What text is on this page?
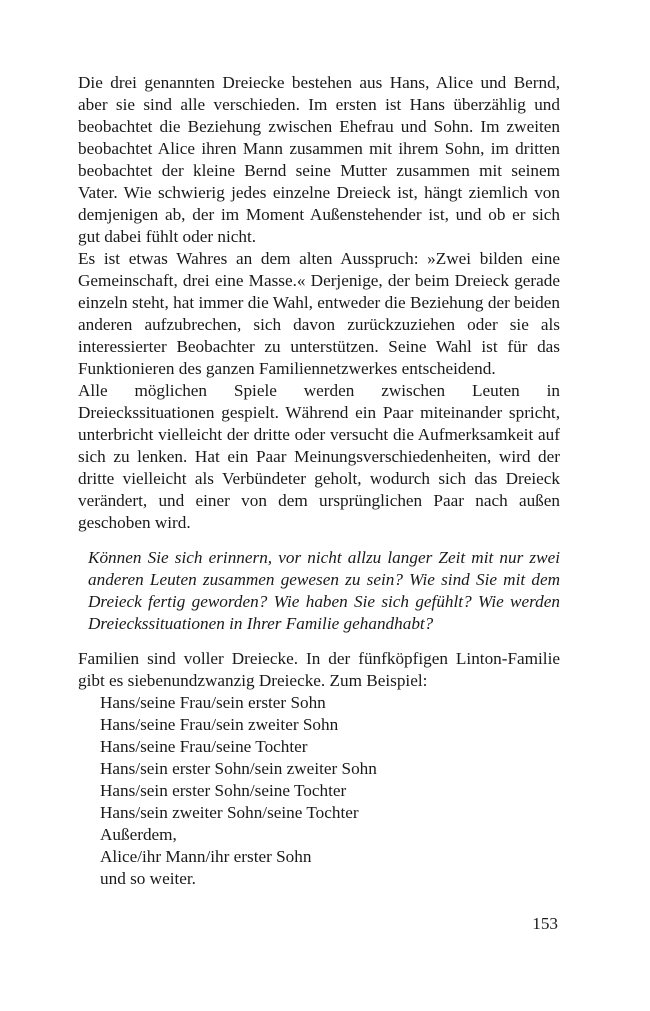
Die drei genannten Dreiecke bestehen aus Hans, Alice und Bernd, aber sie sind alle verschieden. Im ersten ist Hans überzählig und beobachtet die Beziehung zwischen Ehefrau und Sohn. Im zweiten beobachtet Alice ihren Mann zusammen mit ihrem Sohn, im dritten beobachtet der kleine Bernd seine Mutter zusammen mit seinem Vater. Wie schwierig jedes einzelne Dreieck ist, hängt ziemlich von demjenigen ab, der im Moment Außenstehender ist, und ob er sich gut dabei fühlt oder nicht.

Es ist etwas Wahres an dem alten Ausspruch: »Zwei bilden eine Gemeinschaft, drei eine Masse.« Derjenige, der beim Dreieck gerade einzeln steht, hat immer die Wahl, entweder die Beziehung der beiden anderen aufzubrechen, sich davon zurückzuziehen oder sie als interessierter Beobachter zu unterstützen. Seine Wahl ist für das Funktionieren des ganzen Familiennetzwerkes entscheidend.

Alle möglichen Spiele werden zwischen Leuten in Dreieckssituationen gespielt. Während ein Paar miteinander spricht, unterbricht vielleicht der dritte oder versucht die Aufmerksamkeit auf sich zu lenken. Hat ein Paar Meinungsverschiedenheiten, wird der dritte vielleicht als Verbündeter geholt, wodurch sich das Dreieck verändert, und einer von dem ursprünglichen Paar nach außen geschoben wird.

Können Sie sich erinnern, vor nicht allzu langer Zeit mit nur zwei anderen Leuten zusammen gewesen zu sein? Wie sind Sie mit dem Dreieck fertig geworden? Wie haben Sie sich gefühlt? Wie werden Dreieckssituationen in Ihrer Familie gehandhabt?

Familien sind voller Dreiecke. In der fünfköpfigen Linton-Familie gibt es siebenundzwanzig Dreiecke. Zum Beispiel:

Hans/seine Frau/sein erster Sohn
Hans/seine Frau/sein zweiter Sohn
Hans/seine Frau/seine Tochter
Hans/sein erster Sohn/sein zweiter Sohn
Hans/sein erster Sohn/seine Tochter
Hans/sein zweiter Sohn/seine Tochter
Außerdem,
Alice/ihr Mann/ihr erster Sohn
und so weiter.
153
